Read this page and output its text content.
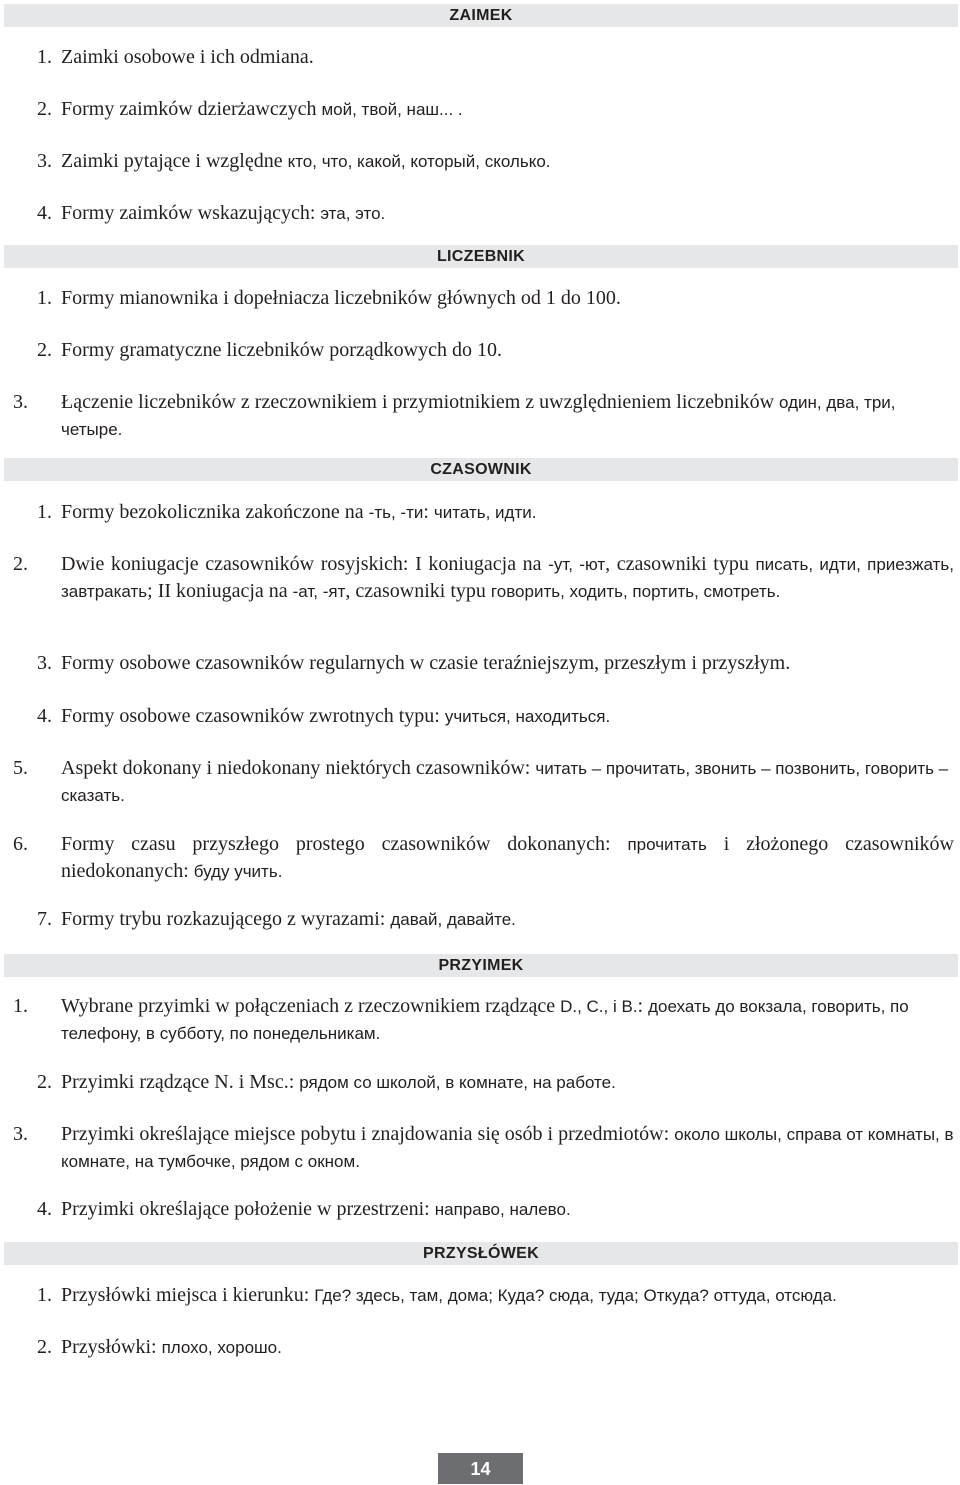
ZAIMEK
1. Zaimki osobowe i ich odmiana.
2. Formy zaimków dzierżawczych мой, твой, наш... .
3. Zaimki pytające i względne кто, что, какой, который, сколько.
4. Formy zaimków wskazujących: эта, это.
LICZEBNIK
1. Formy mianownika i dopełniacza liczebników głównych od 1 do 100.
2. Formy gramatyczne liczebników porządkowych do 10.
3. Łączenie liczebników z rzeczownikiem i przymiotnikiem z uwzględnieniem liczebników один, два, три, четыре.
CZASOWNIK
1. Formy bezokolicznika zakończone na -ть, -ти: читать, идти.
2. Dwie koniugacje czasowników rosyjskich: I koniugacja na -ут, -ют, czasowniki typu писать, идти, приезжать, завтракать; II koniugacja na -ат, -ят, czasowniki typu говорить, ходить, портить, смотреть.
3. Formy osobowe czasowników regularnych w czasie teraźniejszym, przeszłym i przyszłym.
4. Formy osobowe czasowników zwrotnych typu: учиться, находиться.
5. Aspekt dokonany i niedokonany niektórych czasowników: читать – прочитать, звонить – позвонить, говорить – сказать.
6. Formy czasu przyszłego prostego czasowników dokonanych: прочитать i złożonego czasowników niedokonanych: буду учить.
7. Formy trybu rozkazującego z wyrazami: давай, давайте.
PRZYIMEK
1. Wybrane przyimki w połączeniach z rzeczownikiem rządzące D., C., i B.: доехать до вокзала, говорить, по телефону, в субботу, по понедельникам.
2. Przyimki rządzące N. i Msc.: рядом со школой, в комнате, на работе.
3. Przyimki określające miejsce pobytu i znajdowania się osób i przedmiotów: около школы, справа от комнаты, в комнате, на тумбочке, рядом с окном.
4. Przyimki określające położenie w przestrzeni: направо, налево.
PRZYSŁÓWEK
1. Przysłówki miejsca i kierunku: Где? здесь, там, дома; Куда? сюда, туда; Откуда? оттуда, отсюда.
2. Przysłówki: плохо, хорошо.
14
